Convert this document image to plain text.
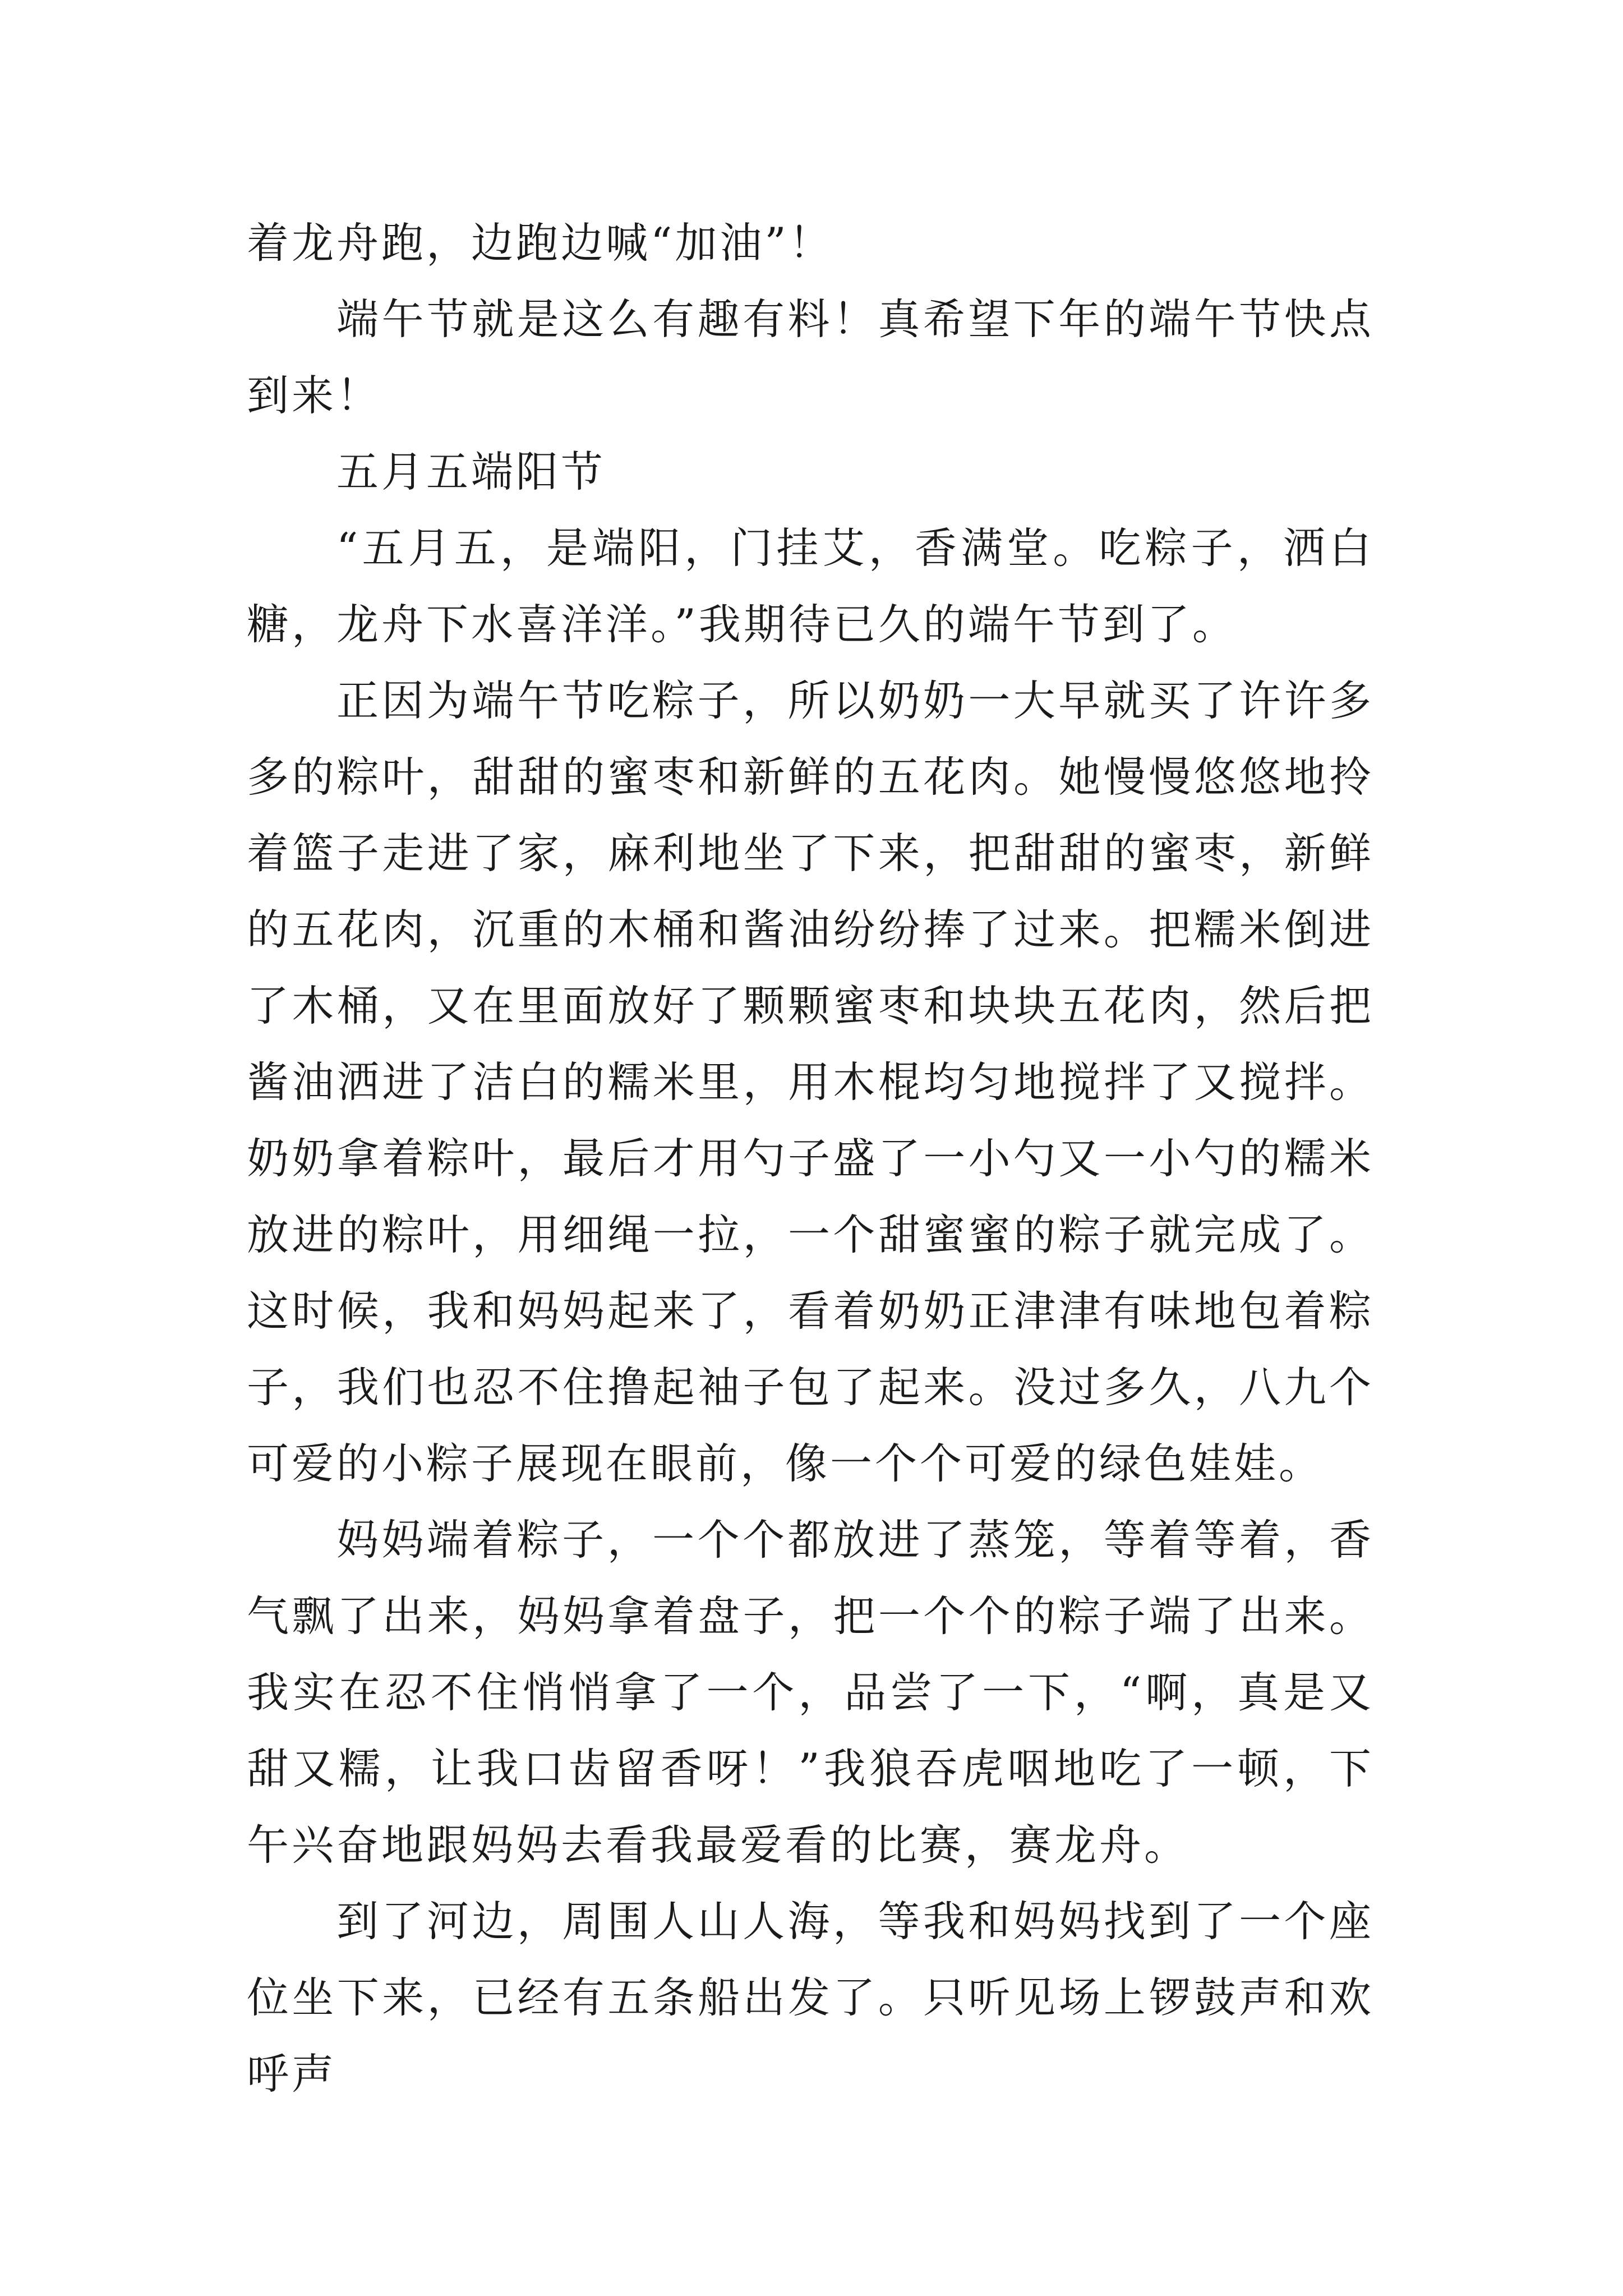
着龙舟跑，边跑边喊“加油”！

端午节就是这么有趣有料！真希望下年的端午节快点到来！

五月五端阳节

“五月五，是端阳，门挂艾，香满堂。吃粽子，洒白糖，龙舟下水喜洋洋。”我期待已久的端午节到了。

正因为端午节吃粽子，所以奶奶一大早就买了许许多多的粽叶，甜甜的蜜枣和新鲜的五花肉。她慢慢悠悠地拎着篮子走进了家，麻利地坐了下来，把甜甜的蜜枣，新鲜的五花肉，沉重的木桶和酱油纷纷捧了过来。把糯米倒进了木桶，又在里面放好了颗颗蜜枣和块块五花肉，然后把酱油洒进了洁白的糯米里，用木棍均匀地搅拌了又搅拌。奶奶拿着粽叶，最后才用勺子盛了一小勺又一小勺的糯米放进的粽叶，用细绳一拉，一个甜蜜蜜的粽子就完成了。这时候，我和妈妈起来了，看着奶奶正津津有味地包着粽子，我们也忍不住撸起袖子包了起来。没过多久，八九个可爱的小粽子展现在眼前，像一个个可爱的绿色娃娃。

妈妈端着粽子，一个个都放进了蒸笼，等着等着，香气飘了出来，妈妈拿着盘子，把一个个的粽子端了出来。我实在忍不住悄悄拿了一个，品尝了一下，“啊，真是又甜又糯，让我口齿留香呀！”我狼吞虎咽地吃了一顿，下午兴奋地跟妈妈去看我最爱看的比赛，赛龙舟。

到了河边，周围人山人海，等我和妈妈找到了一个座位坐下来，已经有五条船出发了。只听见场上锣鼓声和欢呼声
